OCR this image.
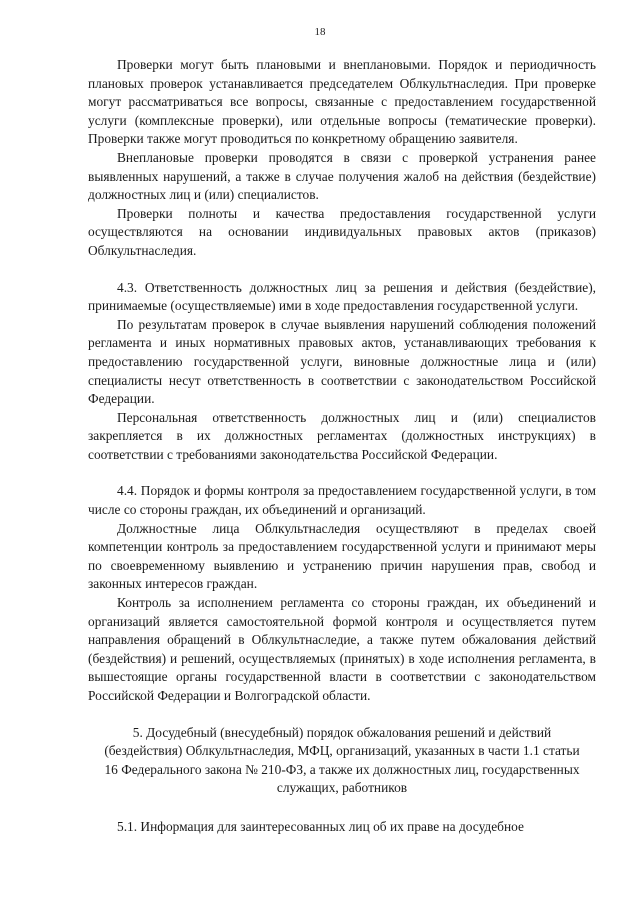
18

Проверки могут быть плановыми и внеплановыми. Порядок и периодичность плановых проверок устанавливается председателем Облкультнаследия. При проверке могут рассматриваться все вопросы, связанные с предоставлением государственной услуги (комплексные проверки), или отдельные вопросы (тематические проверки). Проверки также могут проводиться по конкретному обращению заявителя.

Внеплановые проверки проводятся в связи с проверкой устранения ранее выявленных нарушений, а также в случае получения жалоб на действия (бездействие) должностных лиц и (или) специалистов.

Проверки полноты и качества предоставления государственной услуги осуществляются на основании индивидуальных правовых актов (приказов) Облкультнаследия.

4.3. Ответственность должностных лиц за решения и действия (бездействие), принимаемые (осуществляемые) ими в ходе предоставления государственной услуги.

По результатам проверок в случае выявления нарушений соблюдения положений регламента и иных нормативных правовых актов, устанавливающих требования к предоставлению государственной услуги, виновные должностные лица и (или) специалисты несут ответственность в соответствии с законодательством Российской Федерации.

Персональная ответственность должностных лиц и (или) специалистов закрепляется в их должностных регламентах (должностных инструкциях) в соответствии с требованиями законодательства Российской Федерации.

4.4. Порядок и формы контроля за предоставлением государственной услуги, в том числе со стороны граждан, их объединений и организаций.

Должностные лица Облкультнаследия осуществляют в пределах своей компетенции контроль за предоставлением государственной услуги и принимают меры по своевременному выявлению и устранению причин нарушения прав, свобод и законных интересов граждан.

Контроль за исполнением регламента со стороны граждан, их объединений и организаций является самостоятельной формой контроля и осуществляется путем направления обращений в Облкультнаследие, а также путем обжалования действий (бездействия) и решений, осуществляемых (принятых) в ходе исполнения регламента, в вышестоящие органы государственной власти в соответствии с законодательством Российской Федерации и Волгоградской области.

5. Досудебный (внесудебный) порядок обжалования решений и действий (бездействия) Облкультнаследия, МФЦ, организаций, указанных в части 1.1 статьи 16 Федерального закона № 210-ФЗ, а также их должностных лиц, государственных служащих, работников

5.1. Информация для заинтересованных лиц об их праве на досудебное
